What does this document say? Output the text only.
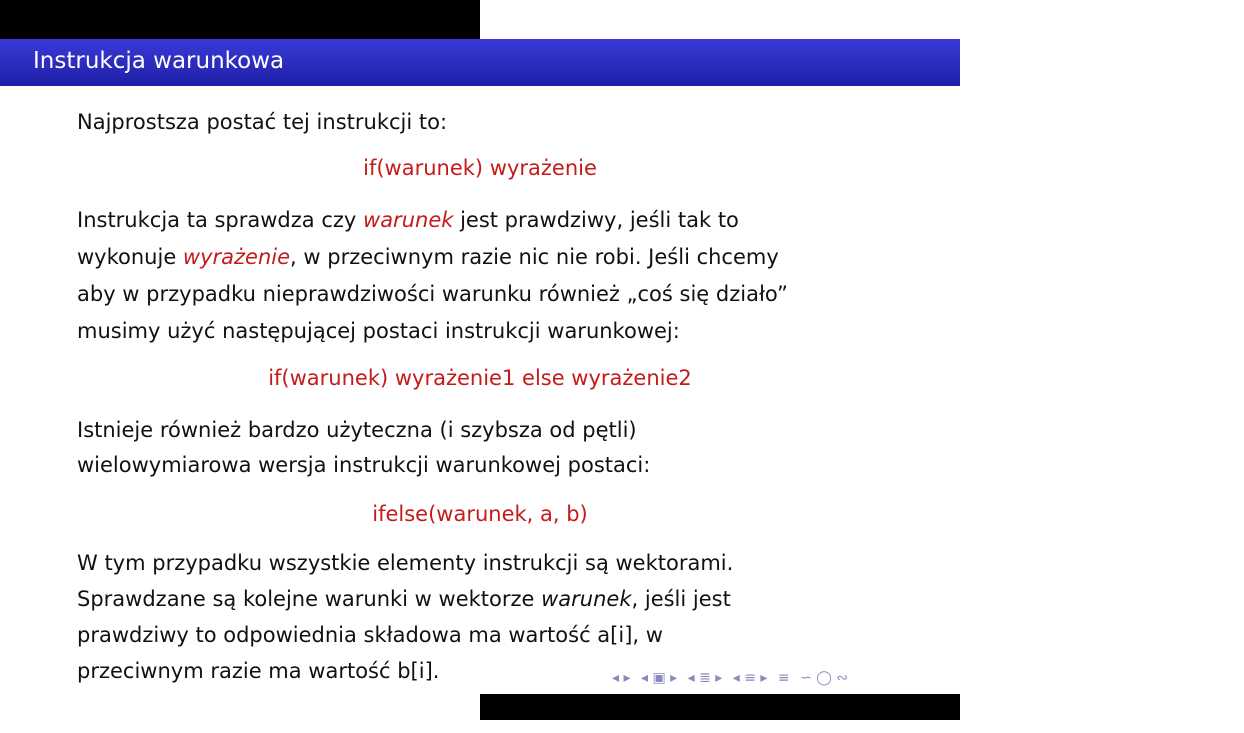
Instrukcja warunkowa
Najprostsza postać tej instrukcji to:
if(warunek) wyrażenie
Instrukcja ta sprawdza czy warunek jest prawdziwy, jeśli tak to
wykonuje wyrażenie, w przeciwnym razie nic nie robi. Jeśli chcemy
aby w przypadku nieprawdziwości warunku również „coś się działo”
musimy użyć następującej postaci instrukcji warunkowej:
if(warunek) wyrażenie1 else wyrażenie2
Istnieje również bardzo użyteczna (i szybsza od pętli)
wielowymiarowa wersja instrukcji warunkowej postaci:
ifelse(warunek, a, b)
W tym przypadku wszystkie elementy instrukcji są wektorami.
Sprawdzane są kolejne warunki w wektorze warunek, jeśli jest
prawdziwy to odpowiednia składowa ma wartość a[i], w
przeciwnym razie ma wartość b[i].	◂ ▸ ◂ ▣ ▸ ◂ ≣ ▸ ◂ ≡ ▸ ≡ ∽ ◯ ∾
Statystyczne systemy uczące (W3)
